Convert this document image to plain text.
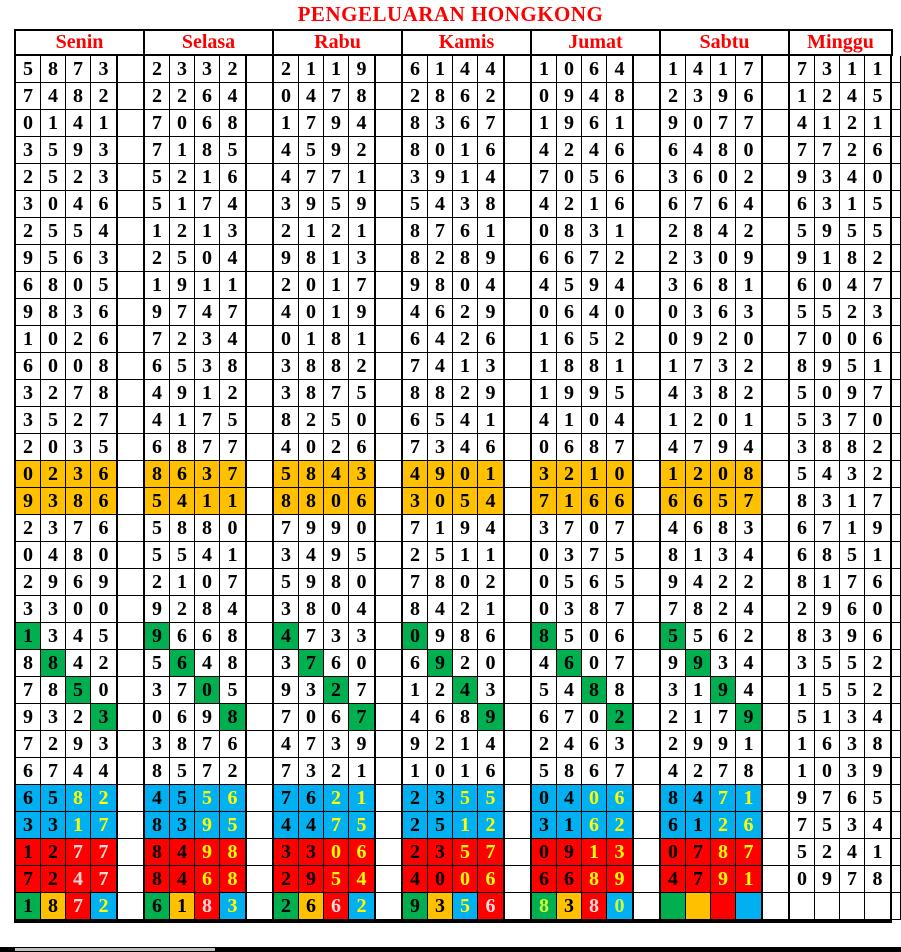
PENGELUARAN HONGKONG
Senin	Selasa	Rabu	Kamis	Jumat	Sabtu	Minggu
5 8 7 3	2 3 3 2	2 1 1 9	6 1 4 4	1 0 6 4	1 4 1 7	7 3 1 1
7 4 8 2	2 2 6 4	0 4 7 8	2 8 6 2	0 9 4 8	2 3 9 6	1 2 4 5
0 1 4 1	7 0 6 8	1 7 9 4	8 3 6 7	1 9 6 1	9 0 7 7	4 1 2 1
3 5 9 3	7 1 8 5	4 5 9 2	8 0 1 6	4 2 4 6	6 4 8 0	7 7 2 6
2 5 2 3	5 2 1 6	4 7 7 1	3 9 1 4	7 0 5 6	3 6 0 2	9 3 4 0
3 0 4 6	5 1 7 4	3 9 5 9	5 4 3 8	4 2 1 6	6 7 6 4	6 3 1 5
2 5 5 4	1 2 1 3	2 1 2 1	8 7 6 1	0 8 3 1	2 8 4 2	5 9 5 5
9 5 6 3	2 5 0 4	9 8 1 3	8 2 8 9	6 6 7 2	2 3 0 9	9 1 8 2
6 8 0 5	1 9 1 1	2 0 1 7	9 8 0 4	4 5 9 4	3 6 8 1	6 0 4 7
9 8 3 6	9 7 4 7	4 0 1 9	4 6 2 9	0 6 4 0	0 3 6 3	5 5 2 3
1 0 2 6	7 2 3 4	0 1 8 1	6 4 2 6	1 6 5 2	0 9 2 0	7 0 0 6
6 0 0 8	6 5 3 8	3 8 8 2	7 4 1 3	1 8 8 1	1 7 3 2	8 9 5 1
3 2 7 8	4 9 1 2	3 8 7 5	8 8 2 9	1 9 9 5	4 3 8 2	5 0 9 7
3 5 2 7	4 1 7 5	8 2 5 0	6 5 4 1	4 1 0 4	1 2 0 1	5 3 7 0
2 0 3 5	6 8 7 7	4 0 2 6	7 3 4 6	0 6 8 7	4 7 9 4	3 8 8 2
0 2 3 6	8 6 3 7	5 8 4 3	4 9 0 1	3 2 1 0	1 2 0 8	5 4 3 2
9 3 8 6	5 4 1 1	8 8 0 6	3 0 5 4	7 1 6 6	6 6 5 7	8 3 1 7
2 3 7 6	5 8 8 0	7 9 9 0	7 1 9 4	3 7 0 7	4 6 8 3	6 7 1 9
0 4 8 0	5 5 4 1	3 4 9 5	2 5 1 1	0 3 7 5	8 1 3 4	6 8 5 1
2 9 6 9	2 1 0 7	5 9 8 0	7 8 0 2	0 5 6 5	9 4 2 2	8 1 7 6
3 3 0 0	9 2 8 4	3 8 0 4	8 4 2 1	0 3 8 7	7 8 2 4	2 9 6 0
1 3 4 5	9 6 6 8	4 7 3 3	0 9 8 6	8 5 0 6	5 5 6 2	8 3 9 6
8 8 4 2	5 6 4 8	3 7 6 0	6 9 2 0	4 6 0 7	9 9 3 4	3 5 5 2
7 8 5 0	3 7 0 5	9 3 2 7	1 2 4 3	5 4 8 8	3 1 9 4	1 5 5 2
9 3 2 3	0 6 9 8	7 0 6 7	4 6 8 9	6 7 0 2	2 1 7 9	5 1 3 4
7 2 9 3	3 8 7 6	4 7 3 9	9 2 1 4	2 4 6 3	2 9 9 1	1 6 3 8
6 7 4 4	8 5 7 2	7 3 2 1	1 0 1 6	5 8 6 7	4 2 7 8	1 0 3 9
6 5 8 2	4 5 5 6	7 6 2 1	2 3 5 5	0 4 0 6	8 4 7 1	9 7 6 5
3 3 1 7	8 3 9 5	4 4 7 5	2 5 1 2	3 1 6 2	6 1 2 6	7 5 3 4
1 2 7 7	8 4 9 8	3 3 0 6	2 3 5 7	0 9 1 3	0 7 8 7	5 2 4 1
7 2 4 7	8 4 6 8	2 9 5 4	4 0 0 6	6 6 8 9	4 7 9 1	0 9 7 8
1 8 7 2	6 1 8 3	2 6 6 2	9 3 5 6	8 3 8 0
